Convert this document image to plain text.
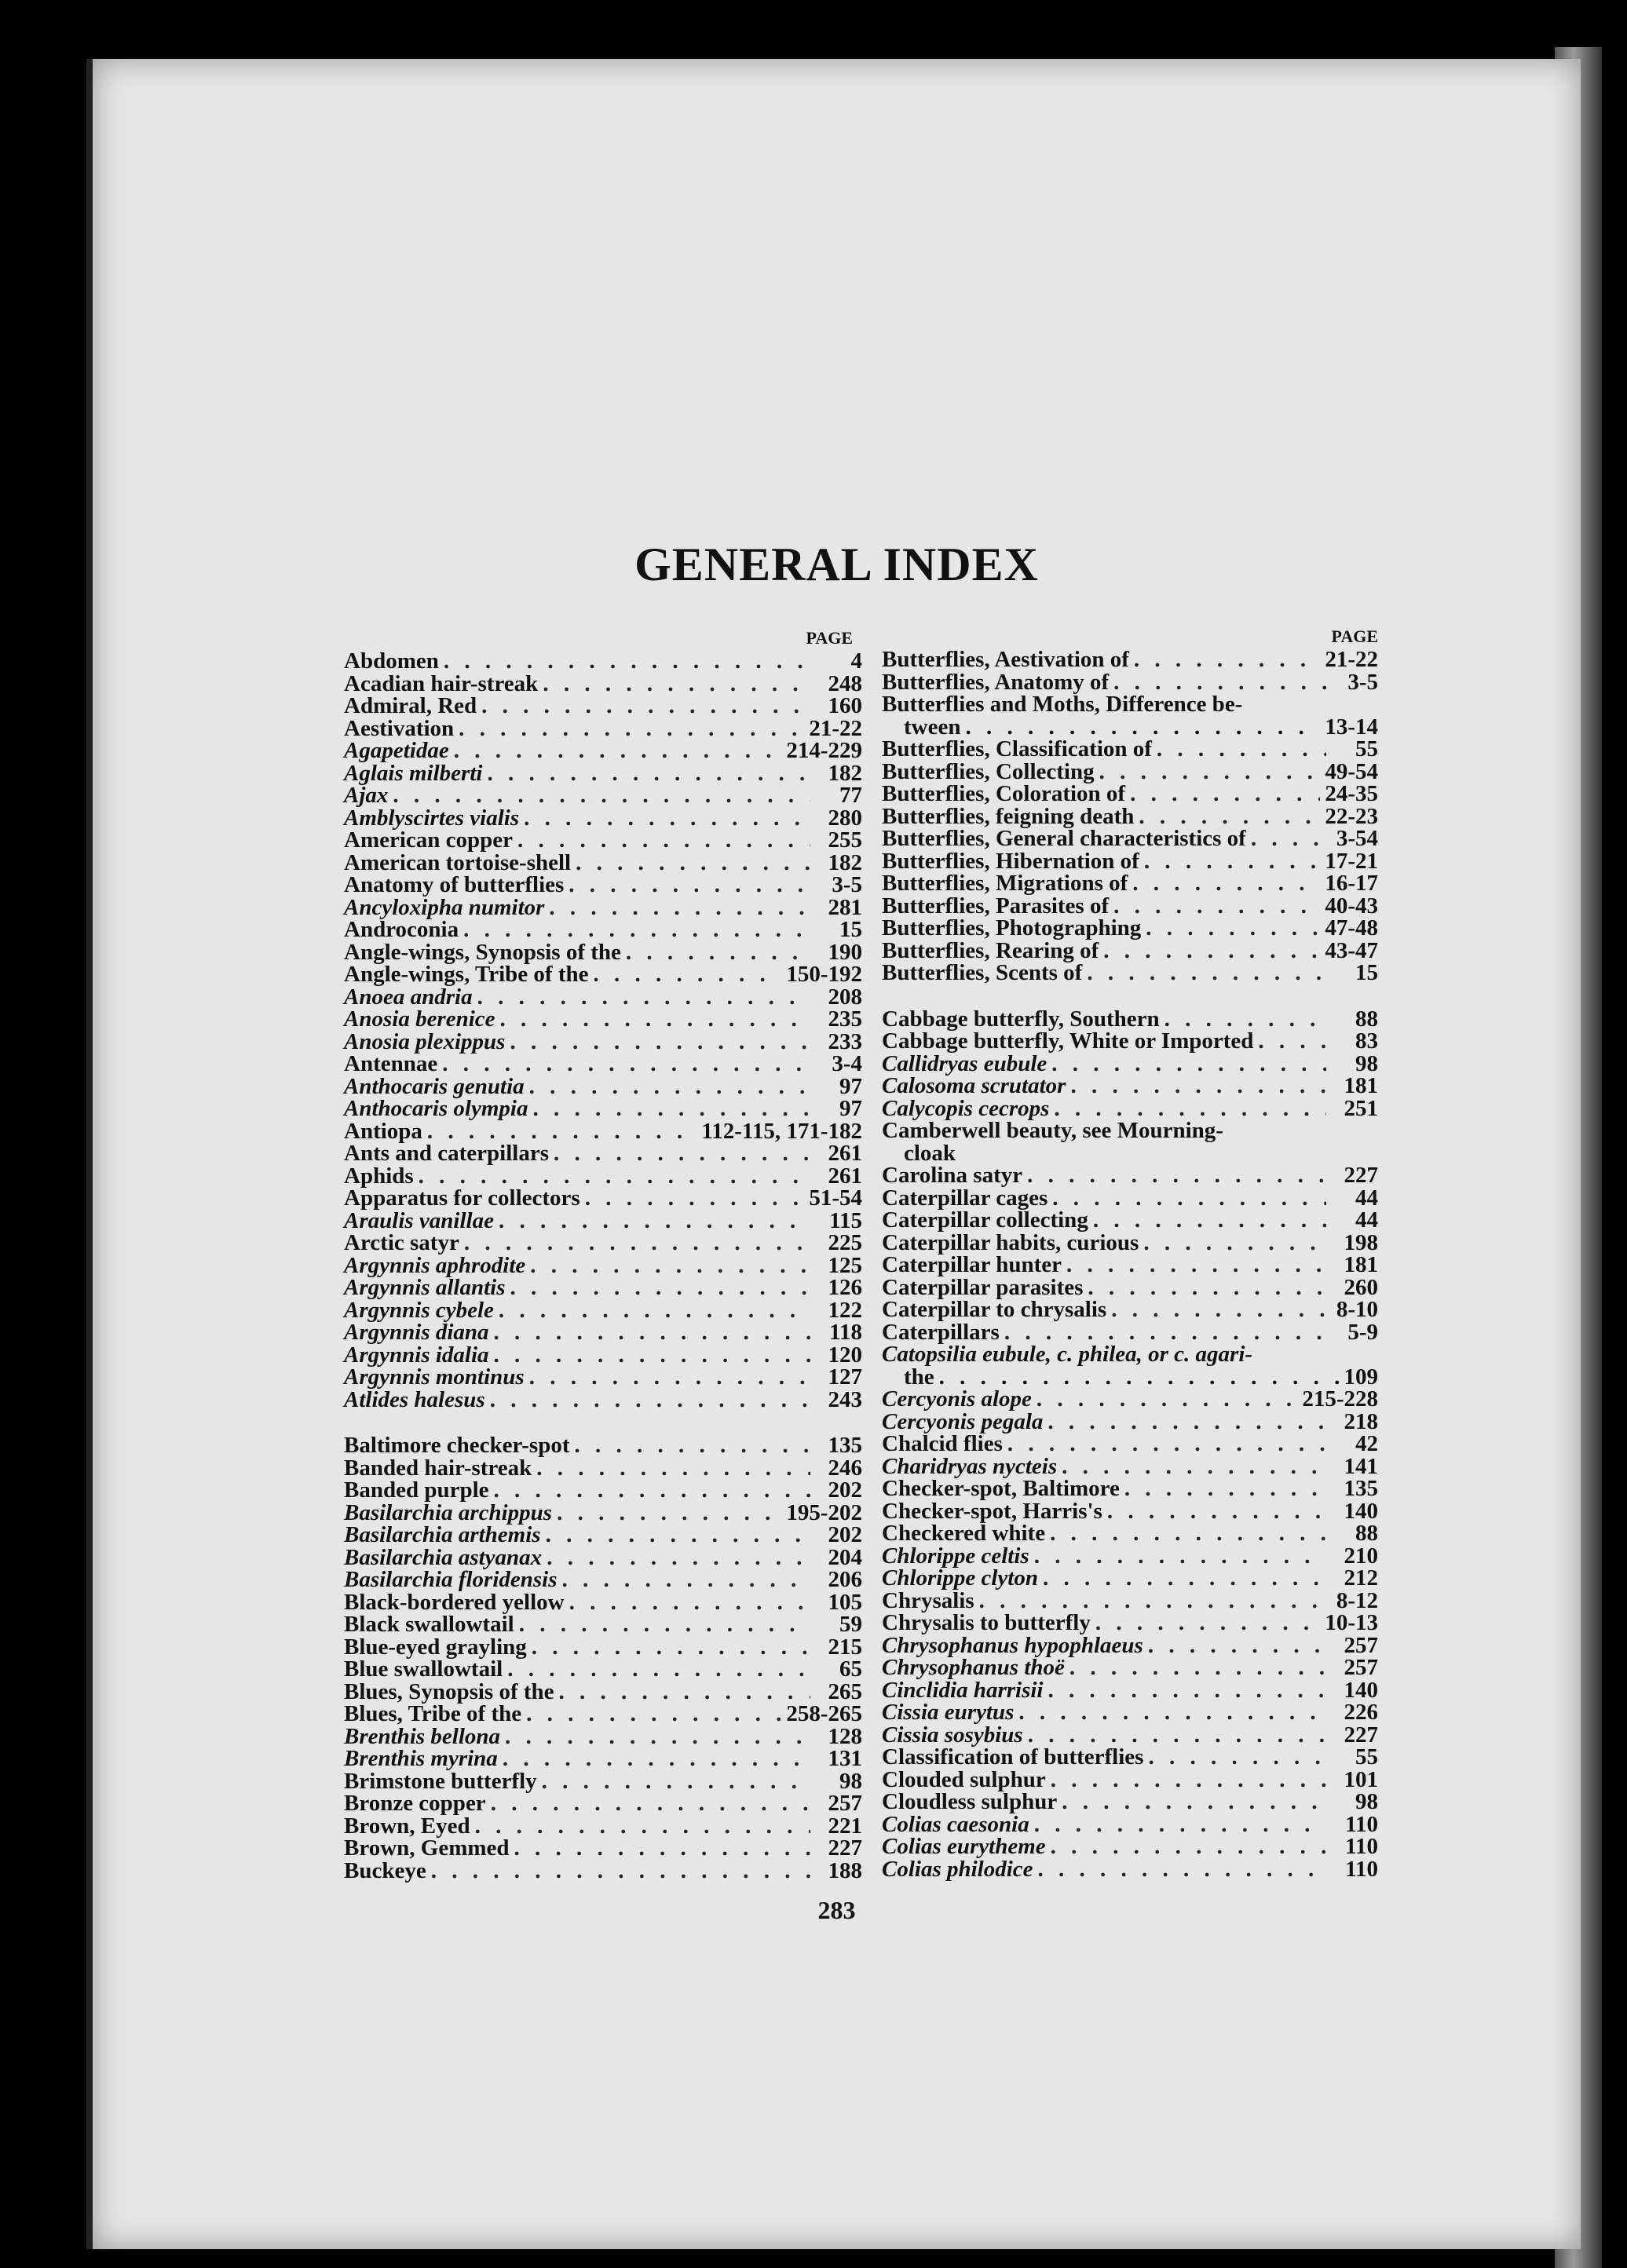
GENERAL INDEX
PAGE
Abdomen . . .	4
Acadian hair-streak . . .	248
Admiral, Red . . .	160
Aestivation . . .	21-22
Agapetidae . . .	214-229
Aglais milberti . . .	182
Ajax . . .	77
Amblyscirtes vialis . . .	280
American copper . . .	255
American tortoise-shell . . .	182
Anatomy of butterflies . . .	3-5
Ancyloxipha numitor . . .	281
Androconia . . .	15
Angle-wings, Synopsis of the . . .	190
Angle-wings, Tribe of the . . .	150-192
Anoea andria . . .	208
Anosia berenice . . .	235
Anosia plexippus . . .	233
Antennae . . .	3-4
Anthocaris genutia . . .	97
Anthocaris olympia . . .	97
Antiopa . . .	112-115, 171-182
Ants and caterpillars . . .	261
Aphids . . .	261
Apparatus for collectors . . .	51-54
Araulis vanillae . . .	115
Arctic satyr . . .	225
Argynnis aphrodite . . .	125
Argynnis allantis . . .	126
Argynnis cybele . . .	122
Argynnis diana . . .	118
Argynnis idalia . . .	120
Argynnis montinus . . .	127
Atlides halesus . . .	243
Baltimore checker-spot . . .	135
Banded hair-streak . . .	246
Banded purple . . .	202
Basilarchia archippus . . .	195-202
Basilarchia arthemis . . .	202
Basilarchia astyanax . . .	204
Basilarchia floridensis . . .	206
Black-bordered yellow . . .	105
Black swallowtail . . .	59
Blue-eyed grayling . . .	215
Blue swallowtail . . .	65
Blues, Synopsis of the . . .	265
Blues, Tribe of the . . .	258-265
Brenthis bellona . . .	128
Brenthis myrina . . .	131
Brimstone butterfly . . .	98
Bronze copper . . .	257
Brown, Eyed . . .	221
Brown, Gemmed . . .	227
Buckeye . . .	188
PAGE
Butterflies, Aestivation of . . .	21-22
Butterflies, Anatomy of . . .	3-5
Butterflies and Moths, Difference be-
tween . . .	13-14
Butterflies, Classification of . . .	55
Butterflies, Collecting . . .	49-54
Butterflies, Coloration of . . .	24-35
Butterflies, feigning death . . .	22-23
Butterflies, General characteristics of . . .	3-54
Butterflies, Hibernation of . . .	17-21
Butterflies, Migrations of . . .	16-17
Butterflies, Parasites of . . .	40-43
Butterflies, Photographing . . .	47-48
Butterflies, Rearing of . . .	43-47
Butterflies, Scents of . . .	15
Cabbage butterfly, Southern . . .	88
Cabbage butterfly, White or Imported . . .	83
Callidryas eubule . . .	98
Calosoma scrutator . . .	181
Calycopis cecrops . . .	251
Camberwell beauty, see Mourning-
cloak
Carolina satyr . . .	227
Caterpillar cages . . .	44
Caterpillar collecting . . .	44
Caterpillar habits, curious . . .	198
Caterpillar hunter . . .	181
Caterpillar parasites . . .	260
Caterpillar to chrysalis . . .	8-10
Caterpillars . . .	5-9
Catopsilia eubule, c. philea, or c. agari-
the . . .	109
Cercyonis alope . . .	215-228
Cercyonis pegala . . .	218
Chalcid flies . . .	42
Charidryas nycteis . . .	141
Checker-spot, Baltimore . . .	135
Checker-spot, Harris's . . .	140
Checkered white . . .	88
Chlorippe celtis . . .	210
Chlorippe clyton . . .	212
Chrysalis . . .	8-12
Chrysalis to butterfly . . .	10-13
Chrysophanus hypophlaeus . . .	257
Chrysophanus thoë . . .	257
Cinclidia harrisii . . .	140
Cissia eurytus . . .	226
Cissia sosybius . . .	227
Classification of butterflies . . .	55
Clouded sulphur . . .	101
Cloudless sulphur . . .	98
Colias caesonia . . .	110
Colias eurytheme . . .	110
Colias philodice . . .	110
283
